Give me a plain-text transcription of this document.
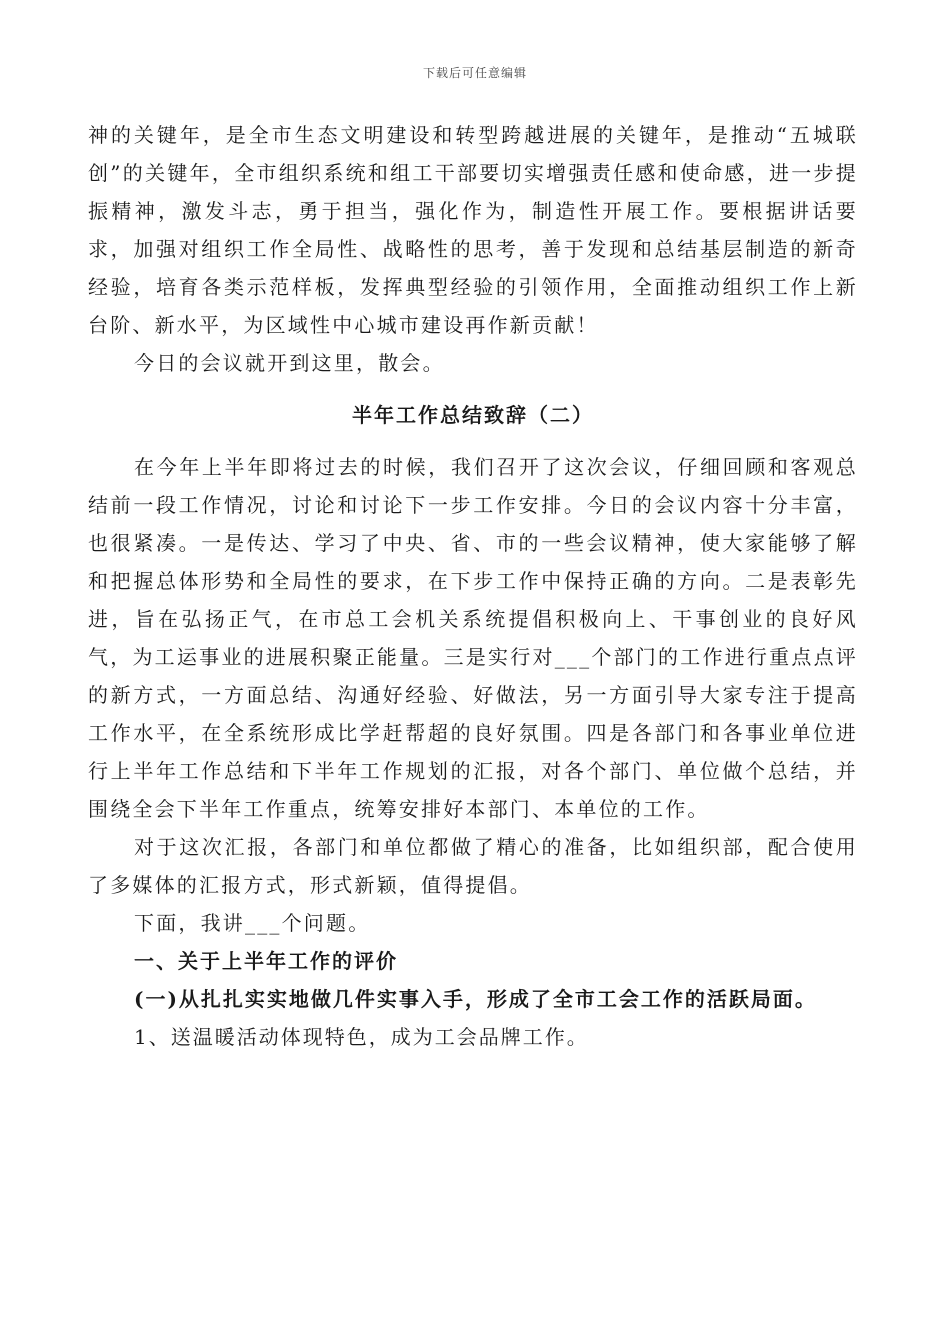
下载后可任意编辑

神的关键年，是全市生态文明建设和转型跨越进展的关键年，是推动“五城联创”的关键年，全市组织系统和组工干部要切实增强责任感和使命感，进一步提振精神，激发斗志，勇于担当，强化作为，制造性开展工作。要根据讲话要求，加强对组织工作全局性、战略性的思考，善于发现和总结基层制造的新奇经验，培育各类示范样板，发挥典型经验的引领作用，全面推动组织工作上新台阶、新水平，为区域性中心城市建设再作新贡献！

今日的会议就开到这里，散会。

半年工作总结致辞（二）

在今年上半年即将过去的时候，我们召开了这次会议，仔细回顾和客观总结前一段工作情况，讨论和讨论下一步工作安排。今日的会议内容十分丰富，也很紧凑。一是传达、学习了中央、省、市的一些会议精神，使大家能够了解和把握总体形势和全局性的要求，在下步工作中保持正确的方向。二是表彰先进，旨在弘扬正气，在市总工会机关系统提倡积极向上、干事创业的良好风气，为工运事业的进展积聚正能量。三是实行对___个部门的工作进行重点点评的新方式，一方面总结、沟通好经验、好做法，另一方面引导大家专注于提高工作水平，在全系统形成比学赶帮超的良好氛围。四是各部门和各事业单位进行上半年工作总结和下半年工作规划的汇报，对各个部门、单位做个总结，并围绕全会下半年工作重点，统筹安排好本部门、本单位的工作。

对于这次汇报，各部门和单位都做了精心的准备，比如组织部，配合使用了多媒体的汇报方式，形式新颖，值得提倡。

下面，我讲___个问题。

一、关于上半年工作的评价

(一)从扎扎实实地做几件实事入手，形成了全市工会工作的活跃局面。

1、送温暖活动体现特色，成为工会品牌工作。
